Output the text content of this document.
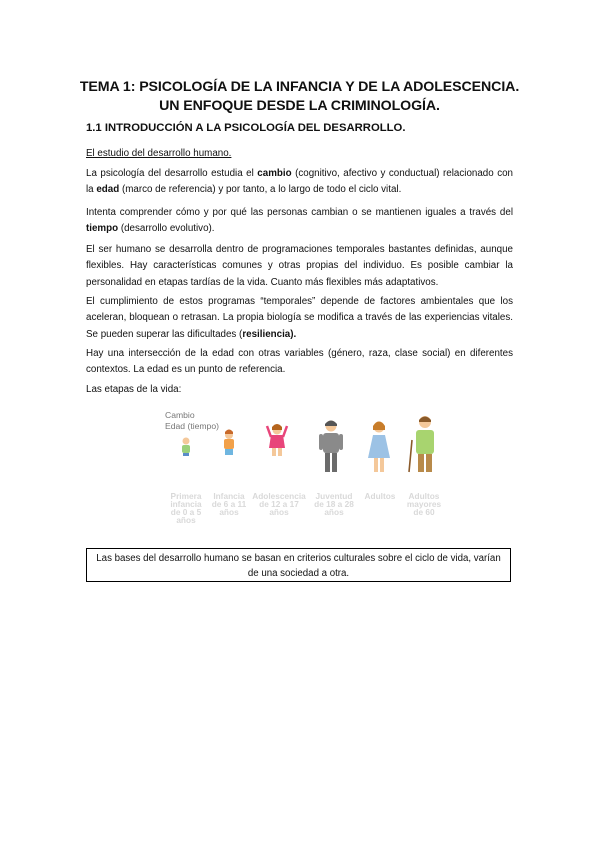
TEMA 1: PSICOLOGÍA DE LA INFANCIA Y DE LA ADOLESCENCIA.
UN ENFOQUE DESDE LA CRIMINOLOGÍA.
1.1 INTRODUCCIÓN A LA PSICOLOGÍA DEL DESARROLLO.
El estudio del desarrollo humano.

La psicología del desarrollo estudia el cambio (cognitivo, afectivo y conductual) relacionado con la edad (marco de referencia) y por tanto, a lo largo de todo el ciclo vital.

Intenta comprender cómo y por qué las personas cambian o se mantienen iguales a través del tiempo (desarrollo evolutivo).

El ser humano se desarrolla dentro de programaciones temporales bastantes definidas, aunque flexibles. Hay características comunes y otras propias del individuo. Es posible cambiar la personalidad en etapas tardías de la vida. Cuanto más flexibles más adaptativos.

El cumplimiento de estos programas “temporales” depende de factores ambientales que los aceleran, bloquean o retrasan. La propia biología se modifica a través de las experiencias vitales. Se pueden superar las dificultades (resiliencia).

Hay una intersección de la edad con otras variables (género, raza, clase social) en diferentes contextos. La edad es un punto de referencia.

Las etapas de la vida:

Cambio
Edad (tiempo)
Primera
infancia
de 0 a 5
años
Infancia
de 6 a 11
años
Adolescencia
de 12 a 17
años
Juventud
de 18 a 28
años
Adultos	Adultos
mayores
de 60
Las bases del desarrollo humano se basan en criterios culturales sobre el ciclo de vida, varían
de una sociedad a otra.
